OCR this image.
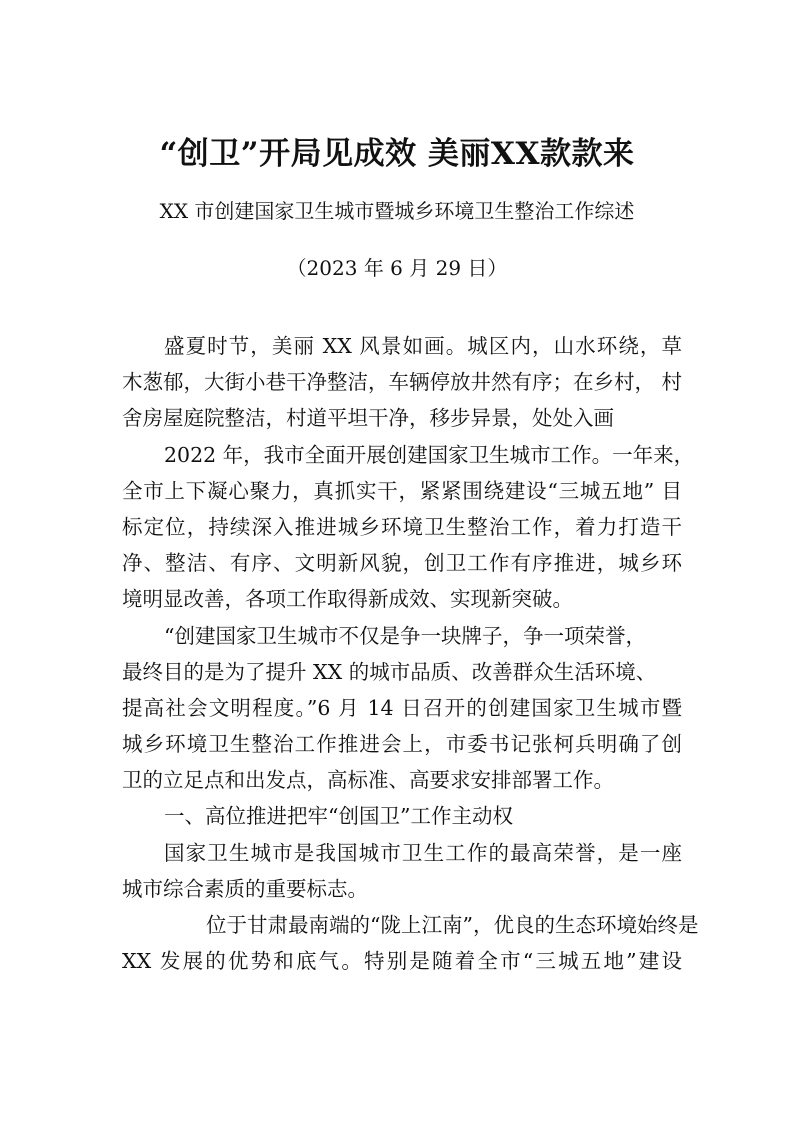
“创卫”开局见成效 美丽XX款款来
XX 市创建国家卫生城市暨城乡环境卫生整治工作综述
（2023 年 6 月 29 日）
盛夏时节，美丽 XX 风景如画。城区内，山水环绕，草
木葱郁，大街小巷干净整洁，车辆停放井然有序；在乡村， 村
舍房屋庭院整洁，村道平坦干净，移步异景，处处入画
2022 年，我市全面开展创建国家卫生城市工作。一年来，
全市上下凝心聚力，真抓实干，紧紧围绕建设“三城五地” 目
标定位，持续深入推进城乡环境卫生整治工作，着力打造干
净、整洁、有序、文明新风貌，创卫工作有序推进，城乡环
境明显改善，各项工作取得新成效、实现新突破。
“创建国家卫生城市不仅是争一块牌子，争一项荣誉，
最终目的是为了提升 XX 的城市品质、改善群众生活环境、
提高社会文明程度。”6 月 14 日召开的创建国家卫生城市暨
城乡环境卫生整治工作推进会上，市委书记张柯兵明确了创
卫的立足点和出发点，高标准、高要求安排部署工作。
一、高位推进把牢“创国卫”工作主动权
国家卫生城市是我国城市卫生工作的最高荣誉，是一座
城市综合素质的重要标志。
位于甘肃最南端的“陇上江南”，优良的生态环境始终是
XX 发展的优势和底气。特别是随着全市“三城五地”建设
